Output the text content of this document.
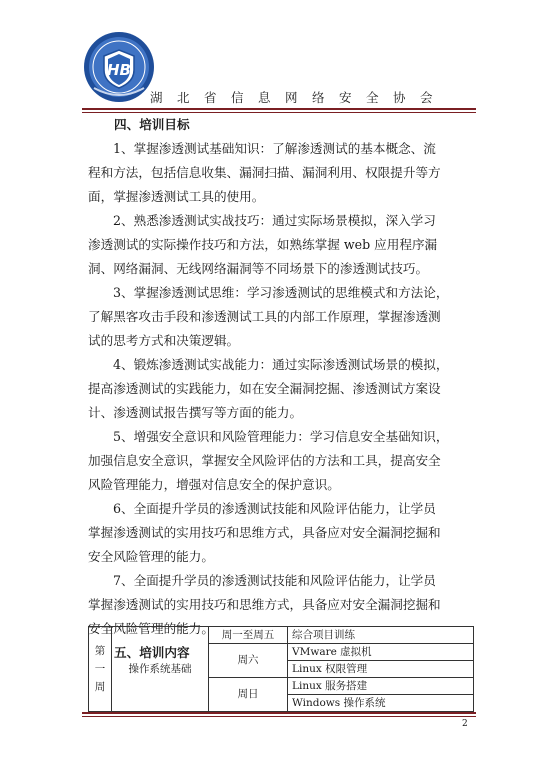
HB
湖北省信息网络安全协会

四、培训目标

1、掌握渗透测试基础知识：了解渗透测试的基本概念、流
程和方法，包括信息收集、漏洞扫描、漏洞利用、权限提升等方
面，掌握渗透测试工具的使用。

2、熟悉渗透测试实战技巧：通过实际场景模拟，深入学习
渗透测试的实际操作技巧和方法，如熟练掌握 web 应用程序漏
洞、网络漏洞、无线网络漏洞等不同场景下的渗透测试技巧。

3、掌握渗透测试思维：学习渗透测试的思维模式和方法论，
了解黑客攻击手段和渗透测试工具的内部工作原理，掌握渗透测
试的思考方式和决策逻辑。

4、锻炼渗透测试实战能力：通过实际渗透测试场景的模拟，
提高渗透测试的实践能力，如在安全漏洞挖掘、渗透测试方案设
计、渗透测试报告撰写等方面的能力。

5、增强安全意识和风险管理能力：学习信息安全基础知识，
加强信息安全意识，掌握安全风险评估的方法和工具，提高安全
风险管理能力，增强对信息安全的保护意识。

6、全面提升学员的渗透测试技能和风险评估能力，让学员
掌握渗透测试的实用技巧和思维方式，具备应对安全漏洞挖掘和
安全风险管理的能力。

7、全面提升学员的渗透测试技能和风险评估能力，让学员
掌握渗透测试的实用技巧和思维方式，具备应对安全漏洞挖掘和
安全风险管理的能力。

五、培训内容

第
一
周	操作系统基础	周一至周五	综合项目训练
		周六	VMware 虚拟机
			Linux 权限管理
		周日	Linux 服务搭建
			Windows 操作系统
2
